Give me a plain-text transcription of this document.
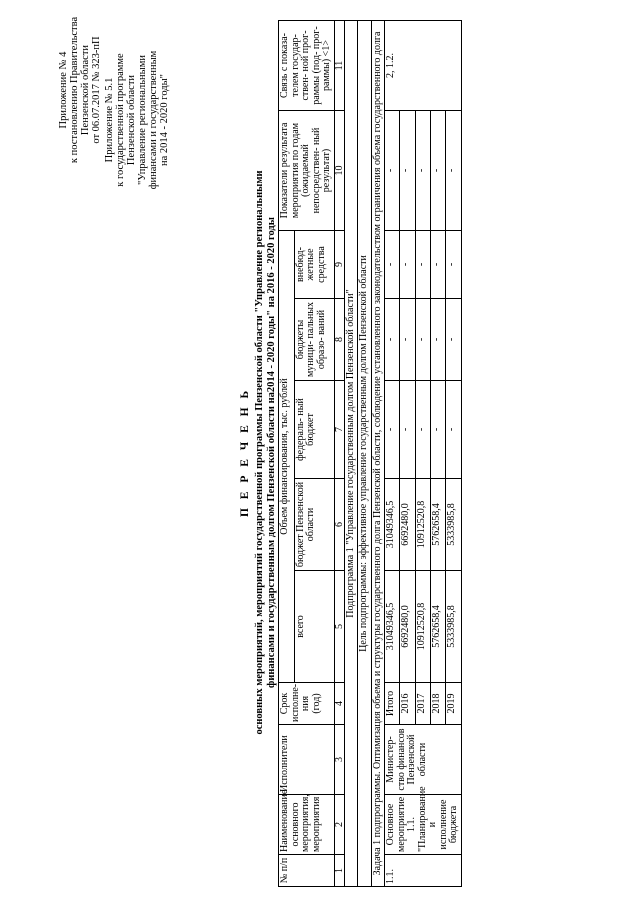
Приложение № 4 к постановлению Правительства Пензенской области от 06.07.2017 № 323-пП Приложение № 5.1 к государственной программе Пензенской области "Управление региональными финансами и государственным на 2014 - 2020 годы"
П Е Р Е Ч Е Н Ь основных мероприятий, мероприятий государственной программы Пензенской области "Управление региональными финансами и государственным долгом Пензенской области на2014 - 2020 годы" на 2016 - 2020 годы
№ п/п	Наименование основного мероприятия, мероприятия	Исполнители	Срок исполне- ния (год)	Объем финансирования, тыс. рублей					Показатели результата мероприятия по годам (ожидаемый непосредствен- ный результат)	Связь с показа- телем государ- ствен- ной прог- раммы (под- прог- раммы) <1>
				всего	бюджет Пензенской области	федераль- ный бюджет	бюджеты муници- пальных образо- ваний	внебюд- жетные средства		
1	2	3	4	5	6	7	8	9	10	11
Подпрограмма 1 "Управление государственным долгом Пензенской области"										
Цель подпрограммы: эффективное управление государственным долгом Пензенской области										
Задача 1 подпрограммы. Оптимизация объема и структуры государственного долга Пензенской области, соблюдение установленного законодательством ограничения объема государственного долга										
1.1.	Основное мероприятие 1.1. "Планирование и исполнение бюджета	Министер- ство финансов Пензенской области	Итого	31049346,5	31049346,5	-	-	-	-	2, 1.2.
			2016	6692480,0	6692480,0	-	-	-	-	
			2017	10912520,8	10912520,8	-	-	-	-	
			2018	5762658,4	5762658,4	-	-	-	-	
			2019	5333985,8	5333985,8	-	-	-	-	
